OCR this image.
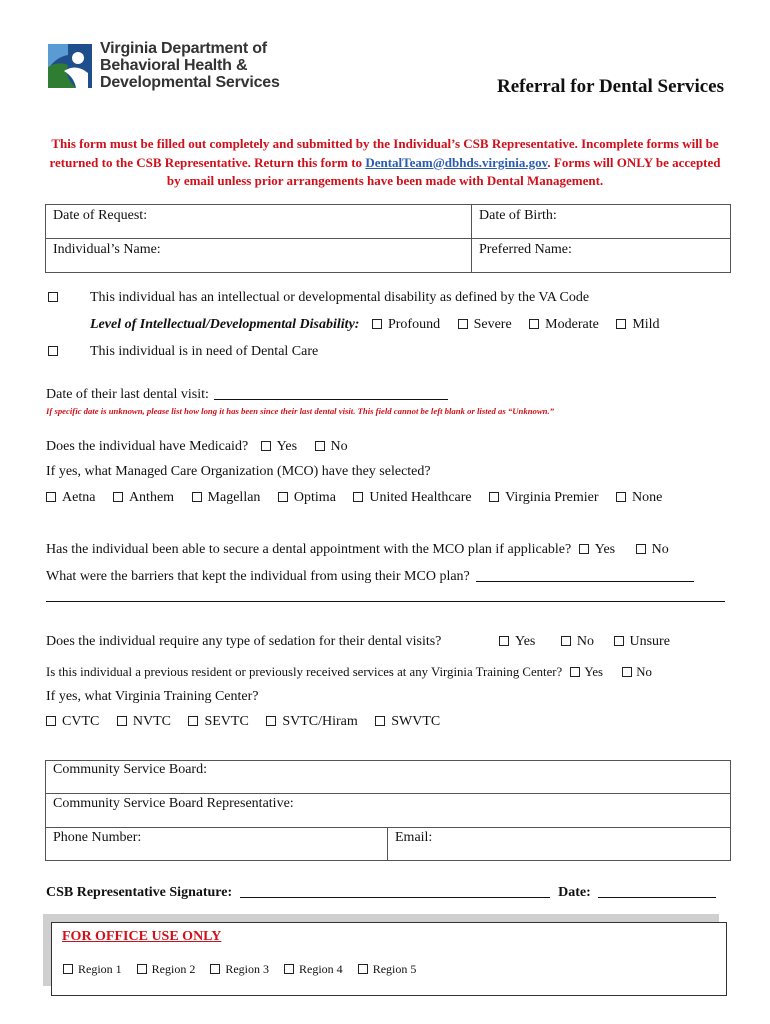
Virginia Department of
Behavioral Health &
Developmental Services	Referral for Dental Services
This form must be filled out completely and submitted by the Individual’s CSB Representative. Incomplete forms will be returned to the CSB Representative. Return this form to DentalTeam@dbhds.virginia.gov. Forms will ONLY be accepted by email unless prior arrangements have been made with Dental Management.
Date of Request:	Date of Birth:
Individual’s Name:	Preferred Name:
This individual has an intellectual or developmental disability as defined by the VA Code
Level of Intellectual/Developmental Disability: Profound Severe Moderate Mild
This individual is in need of Dental Care
Date of their last dental visit:
If specific date is unknown, please list how long it has been since their last dental visit. This field cannot be left blank or listed as “Unknown.”
Does the individual have Medicaid? Yes No
If yes, what Managed Care Organization (MCO) have they selected?
Aetna Anthem Magellan Optima United Healthcare Virginia Premier None
Has the individual been able to secure a dental appointment with the MCO plan if applicable? Yes	No
What were the barriers that kept the individual from using their MCO plan?
Does the individual require any type of sedation for their dental visits?	Yes	No	Unsure
Is this individual a previous resident or previously received services at any Virginia Training Center? Yes	No
If yes, what Virginia Training Center?
CVTC NVTC SEVTC SVTC/Hiram SWVTC
Community Service Board:
Community Service Board Representative:
Phone Number:	Email:
CSB Representative Signature:	Date:
FOR OFFICE USE ONLY
Region 1	Region 2	Region 3	Region 4	Region 5
